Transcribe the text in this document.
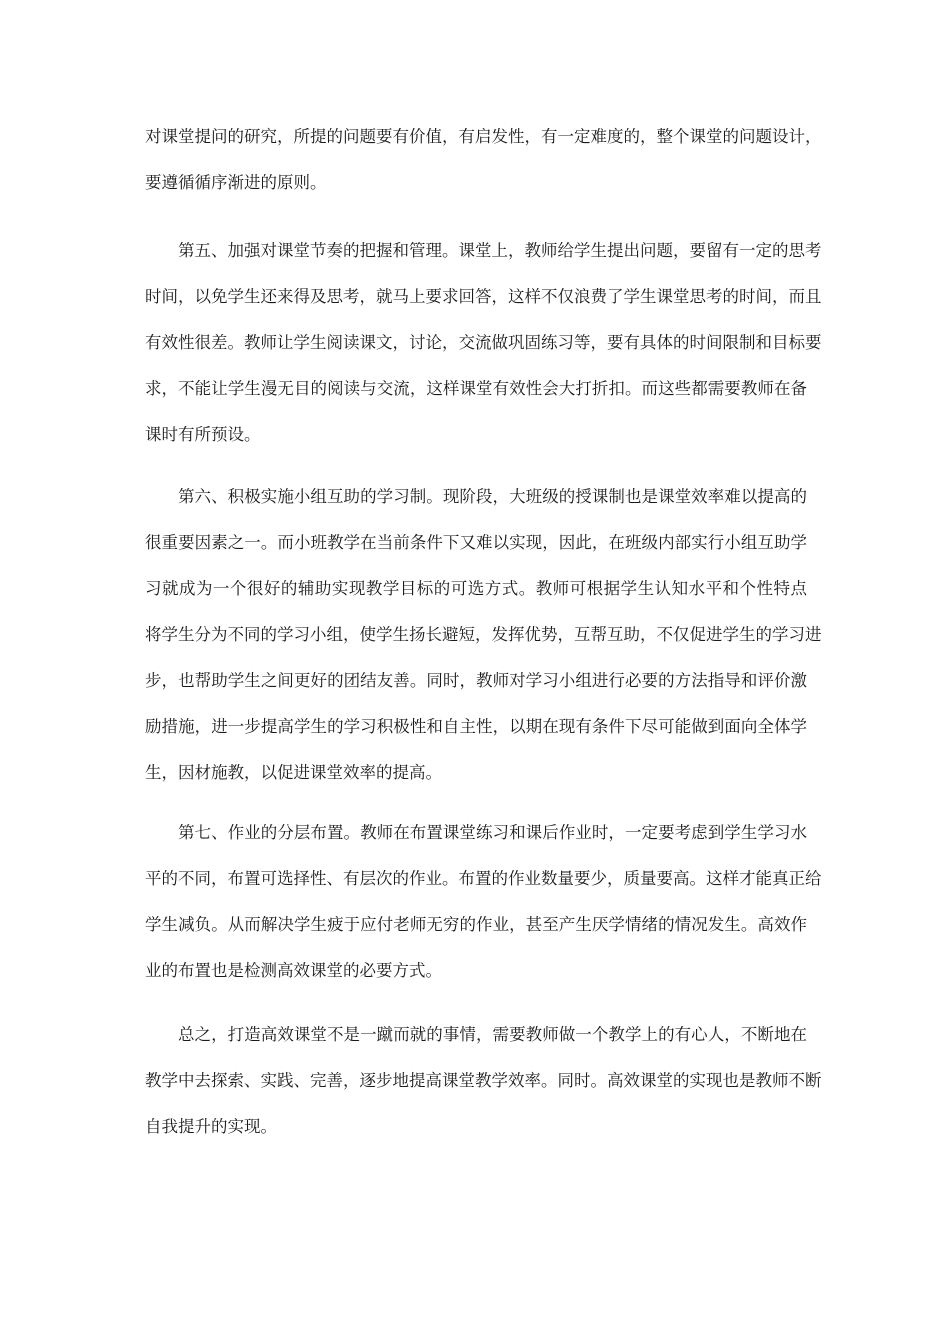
对课堂提问的研究，所提的问题要有价值，有启发性，有一定难度的，整个课堂的问题设计，
要遵循循序渐进的原则。
第五、加强对课堂节奏的把握和管理。课堂上，教师给学生提出问题，要留有一定的思考
时间，以免学生还来得及思考，就马上要求回答，这样不仅浪费了学生课堂思考的时间，而且
有效性很差。教师让学生阅读课文，讨论，交流做巩固练习等，要有具体的时间限制和目标要
求，不能让学生漫无目的阅读与交流，这样课堂有效性会大打折扣。而这些都需要教师在备
课时有所预设。
第六、积极实施小组互助的学习制。现阶段，大班级的授课制也是课堂效率难以提高的
很重要因素之一。而小班教学在当前条件下又难以实现，因此，在班级内部实行小组互助学
习就成为一个很好的辅助实现教学目标的可选方式。教师可根据学生认知水平和个性特点
将学生分为不同的学习小组，使学生扬长避短，发挥优势，互帮互助，不仅促进学生的学习进
步，也帮助学生之间更好的团结友善。同时，教师对学习小组进行必要的方法指导和评价激
励措施，进一步提高学生的学习积极性和自主性，以期在现有条件下尽可能做到面向全体学
生，因材施教，以促进课堂效率的提高。
第七、作业的分层布置。教师在布置课堂练习和课后作业时，一定要考虑到学生学习水
平的不同，布置可选择性、有层次的作业。布置的作业数量要少，质量要高。这样才能真正给
学生减负。从而解决学生疲于应付老师无穷的作业，甚至产生厌学情绪的情况发生。高效作
业的布置也是检测高效课堂的必要方式。
总之，打造高效课堂不是一蹴而就的事情，需要教师做一个教学上的有心人，不断地在
教学中去探索、实践、完善，逐步地提高课堂教学效率。同时。高效课堂的实现也是教师不断
自我提升的实现。
